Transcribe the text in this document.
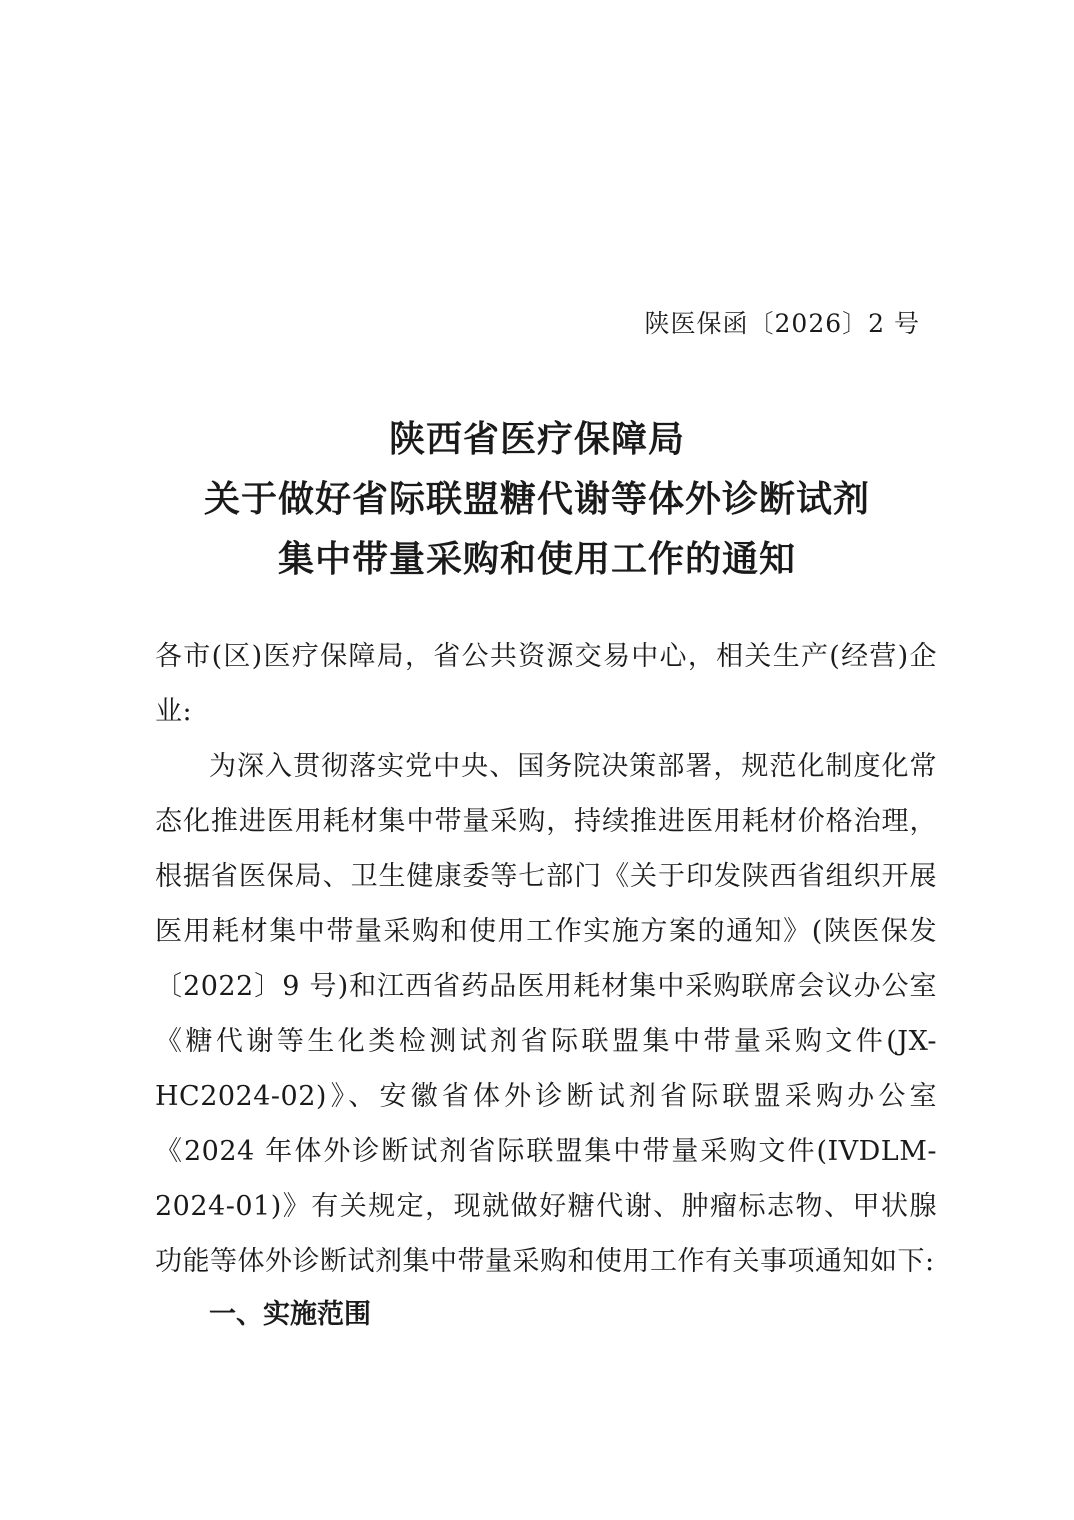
陕医保函〔2026〕2 号
陕西省医疗保障局
关于做好省际联盟糖代谢等体外诊断试剂
集中带量采购和使用工作的通知

各市(区)医疗保障局，省公共资源交易中心，相关生产(经营)企业:

为深入贯彻落实党中央、国务院决策部署，规范化制度化常态化推进医用耗材集中带量采购，持续推进医用耗材价格治理，根据省医保局、卫生健康委等七部门《关于印发陕西省组织开展医用耗材集中带量采购和使用工作实施方案的通知》(陕医保发〔2022〕9 号)和江西省药品医用耗材集中采购联席会议办公室《糖代谢等生化类检测试剂省际联盟集中带量采购文件(JX-HC2024-02)》、安徽省体外诊断试剂省际联盟采购办公室《2024 年体外诊断试剂省际联盟集中带量采购文件(IVDLM-2024-01)》有关规定，现就做好糖代谢、肿瘤标志物、甲状腺功能等体外诊断试剂集中带量采购和使用工作有关事项通知如下:

一、实施范围
